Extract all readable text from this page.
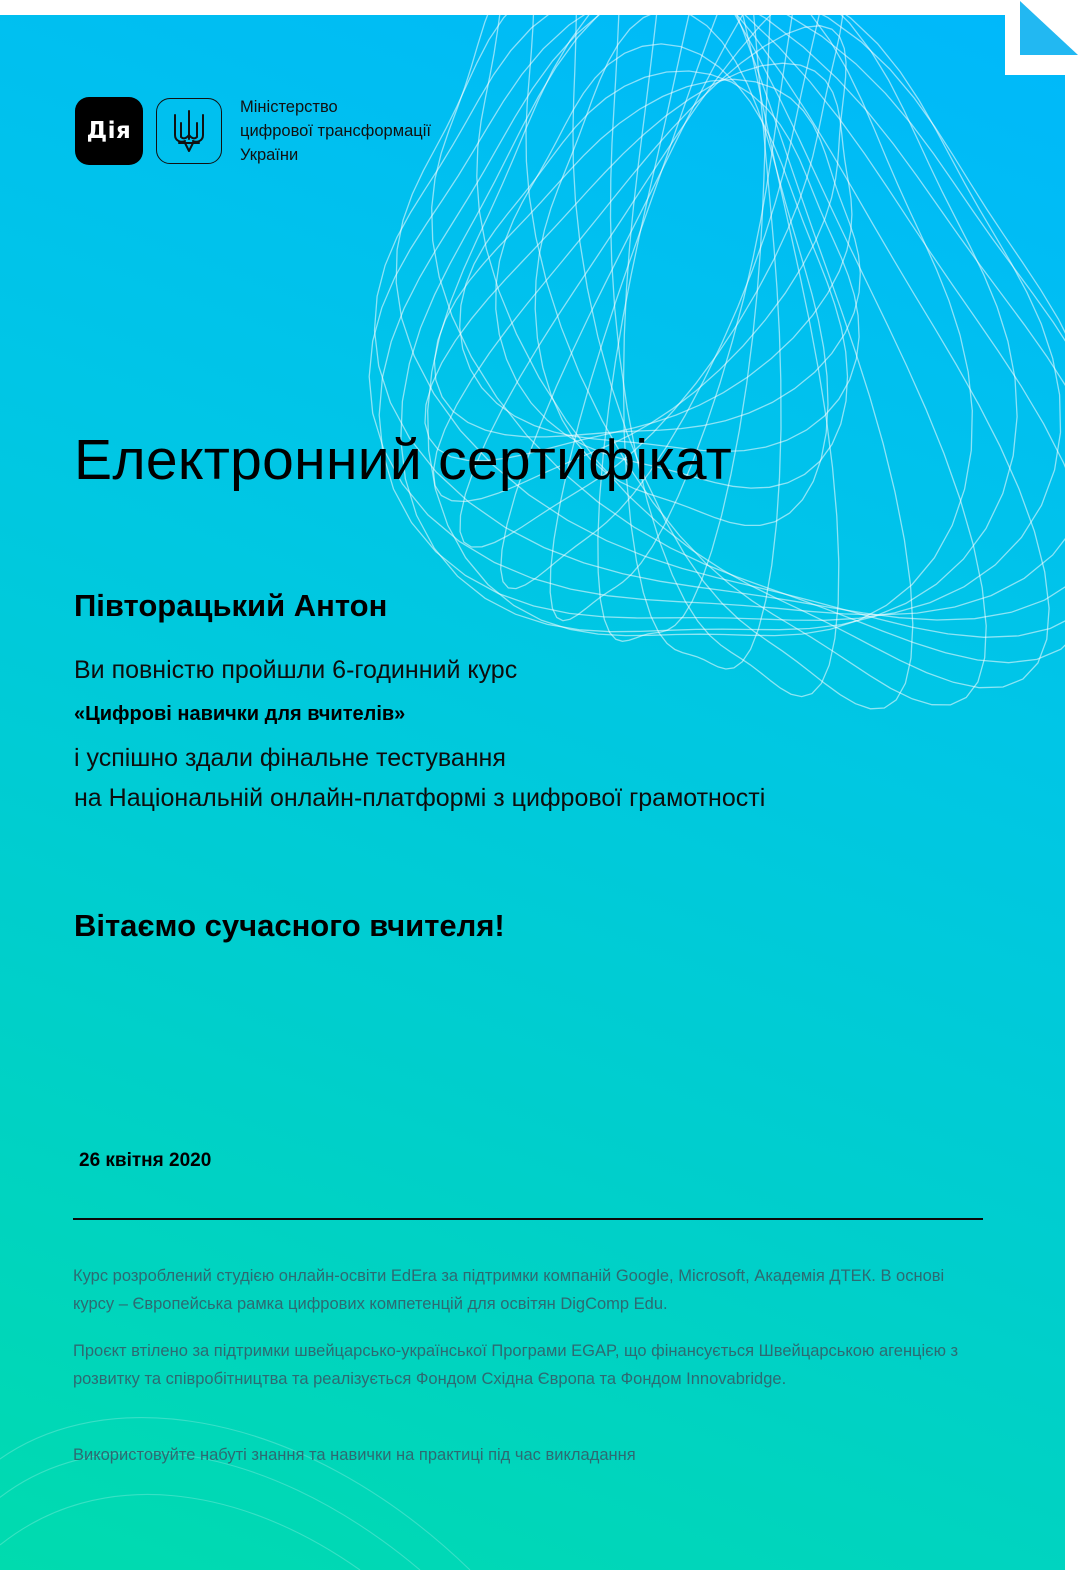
Дія
Міністерство
цифрової трансформації
України
Електронний сертифікат
Півторацький Антон
Ви повністю пройшли 6-годинний курс
«Цифрові навички для вчителів»
і успішно здали фінальне тестування
на Національній онлайн-платформі з цифрової грамотності
Вітаємо сучасного вчителя!
26 квітня 2020
Курс розроблений студією онлайн-освіти EdEra за підтримки компаній Google, Microsoft, Академія ДТЕК. В основі курсу – Європейська рамка цифрових компетенцій для освітян DigComp Edu.
Проєкт втілено за підтримки швейцарсько-української Програми EGAP, що фінансується Швейцарською агенцією з розвитку та співробітництва та реалізується Фондом Східна Європа та Фондом Innovabridge.
Використовуйте набуті знання та навички на практиці під час викладання
